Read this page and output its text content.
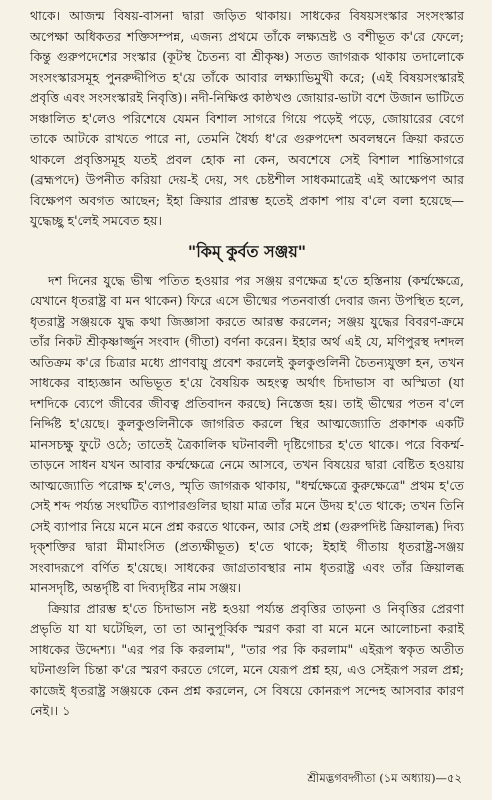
থাকে। আজন্ম বিষয়-বাসনা দ্বারা জড়িত থাকায়। সাধকের বিষয়সংস্কার সংসংস্কার অপেক্ষা অধিকতর শক্তিসম্পন্ন, এজন্য প্রথমে তাঁকে লক্ষ্যভ্রষ্ট ও বশীভূত ক'রে ফেলে; কিন্তু গুরুপদেশের সংস্কার (কূটস্থ চৈতন্য বা শ্রীকৃষ্ণ) সতত জাগরূক থাকায় তদালোকে সংসংস্কারসমূহ পুনরুদ্দীপিত হ'য়ে তাঁকে আবার লক্ষ্যাভিমুখী করে; (এই বিষয়সংস্কারই প্রবৃত্তি এবং সংসংস্কারই নিবৃত্তি)। নদী-নিক্ষিপ্ত কাষ্ঠখণ্ড জোয়ার-ভাটা বশে উজান ভাটিতে সঞ্চালিত হ'লেও পরিশেষে যেমন বিশাল সাগরে গিয়ে পড়েই পড়ে, জোয়ারের বেগে তাকে আটকে রাখতে পারে না, তেমনি ধৈর্য্য ধ'রে গুরুপদেশ অবলম্বনে ক্রিয়া করতে থাকলে প্রবৃত্তিসমূহ যতই প্রবল হোক না কেন, অবশেষে সেই বিশাল শান্তিসাগরে (ব্রহ্মপদে) উপনীত করিয়া দেয়-ই দেয়, সৎ চেষ্টশীল সাধকমাত্রেই এই আক্ষেপণ আর বিক্ষেপণ অবগত আছেন; ইহা ক্রিয়ার প্রারম্ভ হতেই প্রকাশ পায় ব'লে বলা হয়েছে—যুদ্ধেচ্ছু হ'লেই সমবেত হয়।

"কিম্ কুর্বত সঞ্জয়"

দশ দিনের যুদ্ধে ভীষ্ম পতিত হওয়ার পর সঞ্জয় রণক্ষেত্র হ'তে হস্তিনায় (কর্ম্মক্ষেত্রে, যেখানে ধৃতরাষ্ট্র বা মন থাকেন) ফিরে এসে ভীষ্মের পতনবার্ত্তা দেবার জন্য উপস্থিত হলে, ধৃতরাষ্ট্র সঞ্জয়কে যুদ্ধ কথা জিজ্ঞাসা করতে আরম্ভ করলেন; সঞ্জয় যুদ্ধের বিবরণ-ক্রমে তাঁর নিকট শ্রীকৃষ্ণার্জ্জুন সংবাদ (গীতা) বর্ণনা করেন। ইহার অর্থ এই যে, মণিপুরস্থ দশদল অতিক্রম ক'রে চিত্রার মধ্যে প্রাণবায়ু প্রবেশ করলেই কুলকুণ্ডলিনী চৈতন্যযুক্তা হন, তখন সাধকের বাহ্যজ্ঞান অভিভূত হ'য়ে বৈষয়িক অহংত্ব অর্থাৎ চিদাভাস বা অস্মিতা (যা দশদিকে ব্যেপে জীবের জীবত্ব প্রতিবাদন করছে) নিস্তেজ হয়। তাই ভীষ্মের পতন ব'লে নির্দ্দিষ্ট হ'য়েছে। কুলকুণ্ডলিনীকে জাগরিত করলে স্থির আত্মজ্যোতি প্রকাশক একটি মানসচক্ষু ফুটে ওঠে; তাতেই ত্রৈকালিক ঘটনাবলী দৃষ্টিগোচর হ'তে থাকে। পরে বিকর্ম্ম-তাড়নে সাধন যখন আবার কর্ম্মক্ষেত্রে নেমে আসবে, তখন বিষয়ের দ্বারা বেষ্টিত হওয়ায় আত্মজ্যোতি পরোক্ষ হ'লেও, স্মৃতি জাগরূক থাকায়, "ধর্ম্মক্ষেত্রে কুরুক্ষেত্রে" প্রথম হ'তে সেই শব্দ পর্য্যন্ত সংঘটিত ব্যাপারগুলির ছায়া মাত্র তাঁর মনে উদয় হ'তে থাকে; তখন তিনি সেই ব্যাপার নিয়ে মনে মনে প্রশ্ন করতে থাকেন, আর সেই প্রশ্ন (গুরুপদিষ্ট ক্রিয়ালব্ধ) দিব্য দৃক্‌শক্তির দ্বারা মীমাংসিত (প্রত্যক্ষীভূত) হ'তে থাকে; ইহাই গীতায় ধৃতরাষ্ট্র-সঞ্জয় সংবাদরূপে বর্ণিত হ'য়েছে। সাধকের জাগ্রতাবস্থার নাম ধৃতরাষ্ট্র এবং তাঁর ক্রিয়ালব্ধ মানসদৃষ্টি, অন্তর্দৃষ্টি বা দিব্যদৃষ্টির নাম সঞ্জয়।

ক্রিয়ার প্রারম্ভ হ'তে চিদাভাস নষ্ট হওয়া পর্য্যন্ত প্রবৃত্তির তাড়না ও নিবৃত্তির প্রেরণা প্রভৃতি যা যা ঘটেছিল, তা তা আনুপূর্ব্বিক স্মরণ করা বা মনে মনে আলোচনা করাই সাধকের উদ্দেশ্য। "এর পর কি করলাম", "তার পর কি করলাম" এইরূপ স্বকৃত অতীত ঘটনাগুলি চিন্তা ক'রে স্মরণ করতে গেলে, মনে যেরূপ প্রশ্ন হয়, এও সেইরূপ সরল প্রশ্ন; কাজেই ধৃতরাষ্ট্র সঞ্জয়কে কেন প্রশ্ন করলেন, সে বিষয়ে কোনরূপ সন্দেহ আসবার কারণ নেই।। ১

শ্রীমদ্ভগবদ্গীতা (১ম অধ্যায়)—৫২
